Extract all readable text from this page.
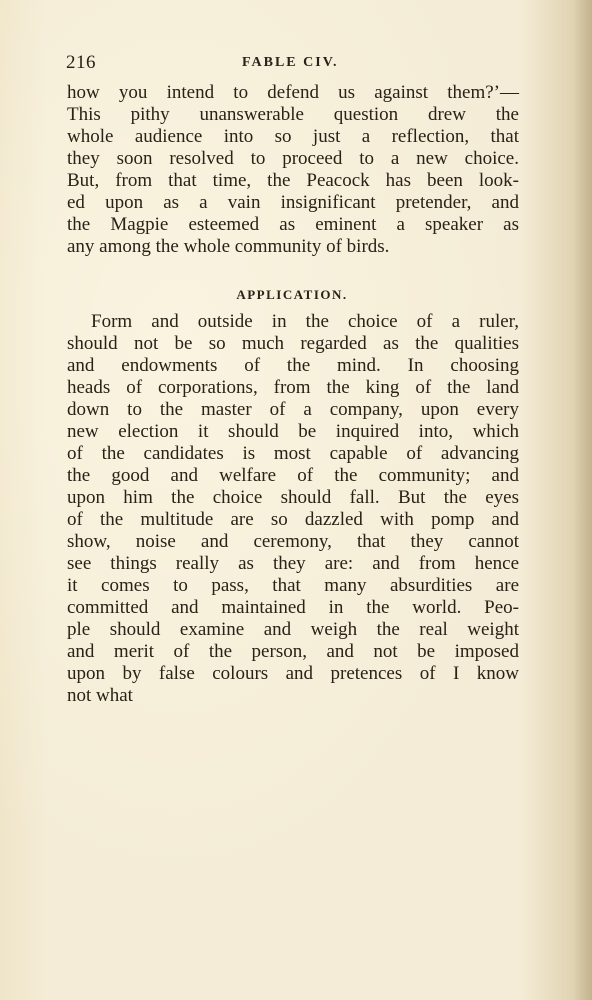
216	FABLE CIV.
how you intend to defend us against them?’—
This pithy unanswerable question drew the
whole audience into so just a reflection, that
they soon resolved to proceed to a new choice.
But, from that time, the Peacock has been look-
ed upon as a vain insignificant pretender, and
the Magpie esteemed as eminent a speaker as
any among the whole community of birds.
APPLICATION.
Form and outside in the choice of a ruler,
should not be so much regarded as the qualities
and endowments of the mind. In choosing
heads of corporations, from the king of the land
down to the master of a company, upon every
new election it should be inquired into, which
of the candidates is most capable of advancing
the good and welfare of the community; and
upon him the choice should fall. But the eyes
of the multitude are so dazzled with pomp and
show, noise and ceremony, that they cannot
see things really as they are: and from hence
it comes to pass, that many absurdities are
committed and maintained in the world. Peo-
ple should examine and weigh the real weight
and merit of the person, and not be imposed
upon by false colours and pretences of I know
not what
